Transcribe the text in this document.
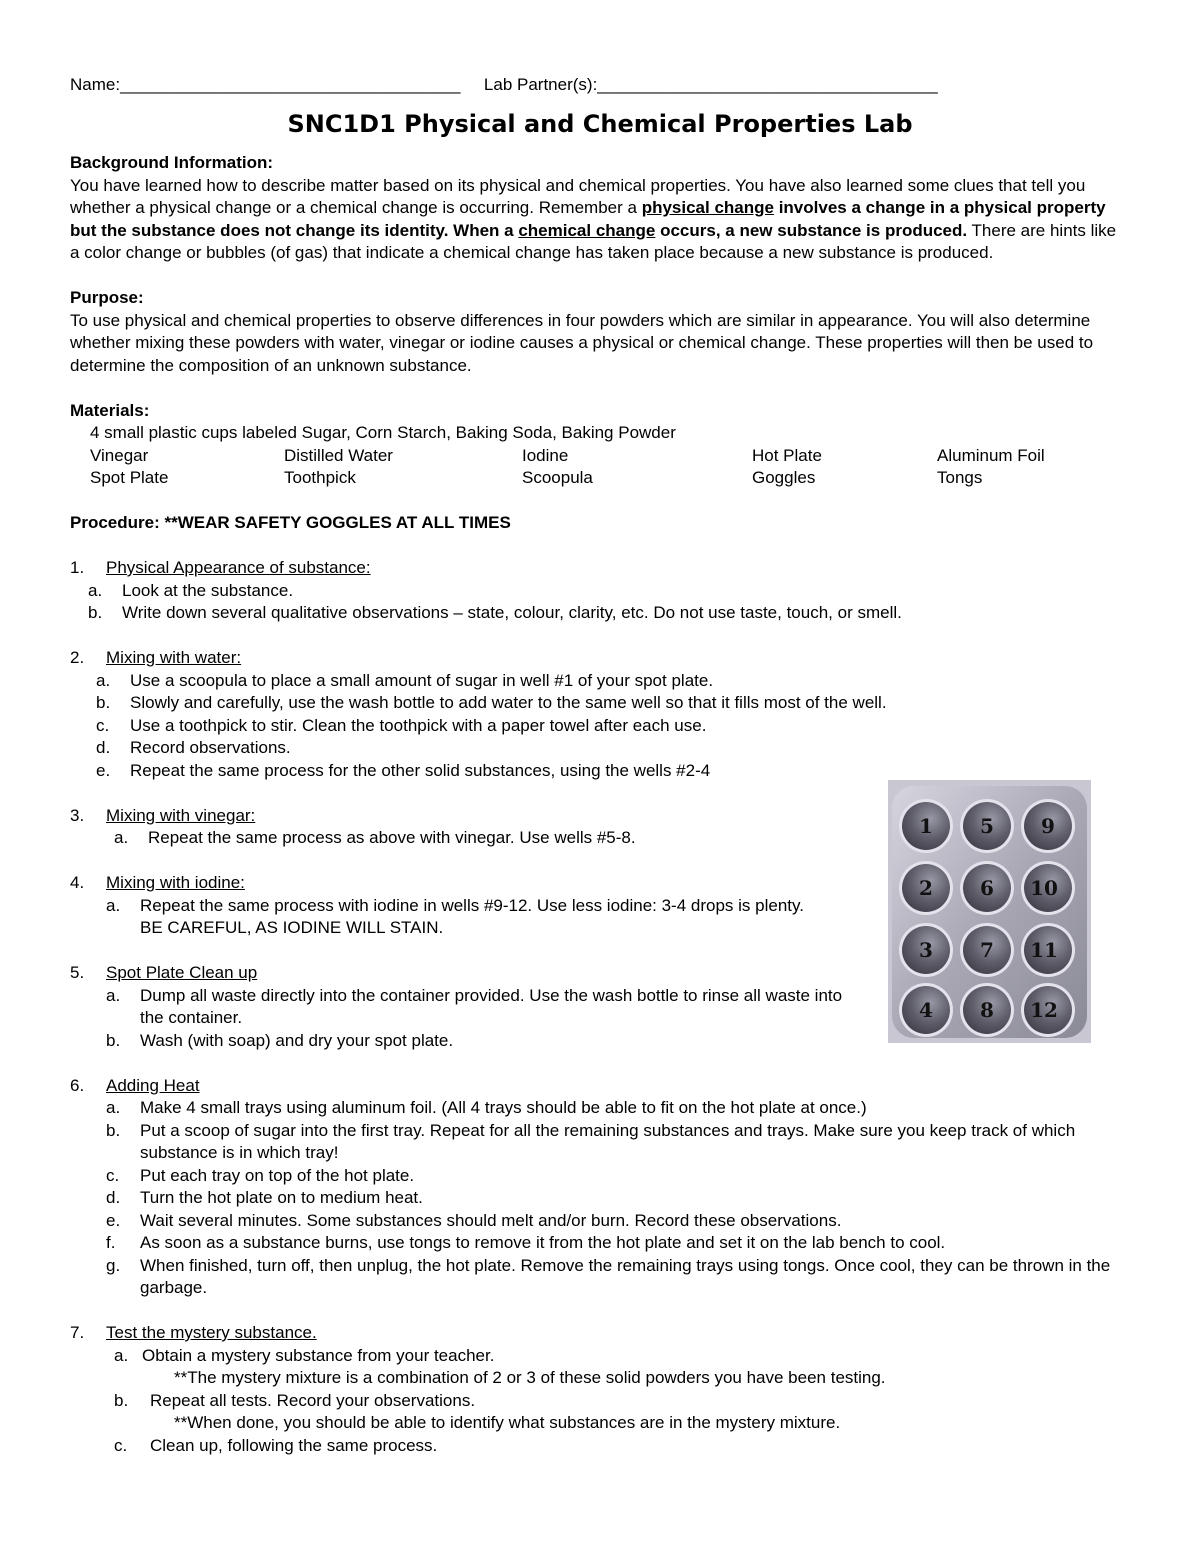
Name:____________________________________ Lab Partner(s):____________________________________
SNC1D1 Physical and Chemical Properties Lab

Background Information:

You have learned how to describe matter based on its physical and chemical properties. You have also learned some clues that tell you whether a physical change or a chemical change is occurring. Remember a physical change involves a change in a physical property but the substance does not change its identity. When a chemical change occurs, a new substance is produced. There are hints like a color change or bubbles (of gas) that indicate a chemical change has taken place because a new substance is produced.

Purpose:

To use physical and chemical properties to observe differences in four powders which are similar in appearance. You will also determine whether mixing these powders with water, vinegar or iodine causes a physical or chemical change. These properties will then be used to determine the composition of an unknown substance.

Materials:

4 small plastic cups labeled Sugar, Corn Starch, Baking Soda, Baking Powder

Vinegar	Distilled Water	Iodine	Hot Plate	Aluminum Foil
Spot Plate	Toothpick	Scoopula	Goggles	Tongs

Procedure: **WEAR SAFETY GOGGLES AT ALL TIMES

1.	Physical Appearance of substance:
a.	Look at the substance.
b.	Write down several qualitative observations – state, colour, clarity, etc. Do not use taste, touch, or smell.
2.	Mixing with water:
a.	Use a scoopula to place a small amount of sugar in well #1 of your spot plate.
b.	Slowly and carefully, use the wash bottle to add water to the same well so that it fills most of the well.
c.	Use a toothpick to stir. Clean the toothpick with a paper towel after each use.
d.	Record observations.
e.	Repeat the same process for the other solid substances, using the wells #2-4
3.	Mixing with vinegar:
a.	Repeat the same process as above with vinegar. Use wells #5-8.
4.	Mixing with iodine:
a.	Repeat the same process with iodine in wells #9-12. Use less iodine: 3-4 drops is plenty.      BE CAREFUL, AS IODINE WILL STAIN.
5.	Spot Plate Clean up
a.	Dump all waste directly into the container provided. Use the wash bottle to rinse all waste into the container.
b.	Wash (with soap) and dry your spot plate.
6.	Adding Heat
a.	Make 4 small trays using aluminum foil. (All 4 trays should be able to fit on the hot plate at once.)
b.	Put a scoop of sugar into the first tray. Repeat for all the remaining substances and trays. Make sure you keep track of which substance is in which tray!
c.	Put each tray on top of the hot plate.
d.	Turn the hot plate on to medium heat.
e.	Wait several minutes. Some substances should melt and/or burn. Record these observations.
f.	As soon as a substance burns, use tongs to remove it from the hot plate and set it on the lab bench to cool.
g.	When finished, turn off, then unplug, the hot plate. Remove the remaining trays using tongs. Once cool, they can be thrown in the garbage.
7.	Test the mystery substance.
a. Obtain a mystery substance from your teacher.
**The mystery mixture is a combination of 2 or 3 of these solid powders you have been testing.
b.	Repeat all tests. Record your observations.
**When done, you should be able to identify what substances are in the mystery mixture.
c.	Clean up, following the same process.
1 5 9
2 6 10
3 7 11
4 8 12
